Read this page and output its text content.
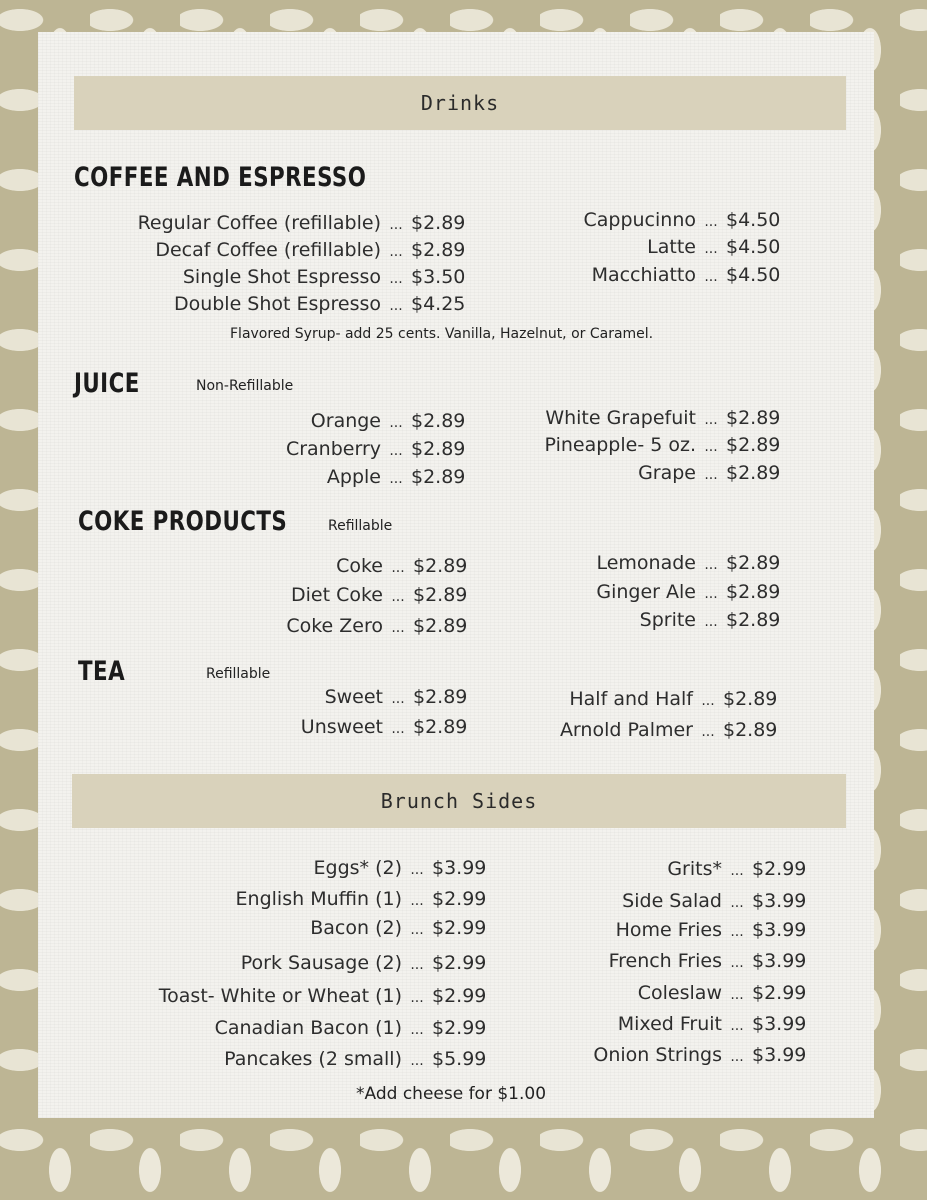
Drinks
COFFEE AND ESPRESSO
Regular Coffee (refillable) ... $2.89
Decaf Coffee (refillable) ... $2.89
Single Shot Espresso ... $3.50
Double Shot Espresso ... $4.25
Cappucinno ... $4.50
Latte ... $4.50
Macchiatto ... $4.50
Flavored Syrup- add 25 cents. Vanilla, Hazelnut, or Caramel.
JUICE	Non-Refillable
Orange ... $2.89
Cranberry ... $2.89
Apple ... $2.89
White Grapefuit ... $2.89
Pineapple- 5 oz. ... $2.89
Grape ... $2.89
COKE PRODUCTS	Refillable
Coke ... $2.89
Diet Coke ... $2.89
Coke Zero ... $2.89
Lemonade ... $2.89
Ginger Ale ... $2.89
Sprite ... $2.89
TEA	Refillable
Sweet ... $2.89
Unsweet ... $2.89
Half and Half ... $2.89
Arnold Palmer ... $2.89
Brunch Sides
Eggs* (2) ... $3.99
English Muffin (1) ... $2.99
Bacon (2) ... $2.99
Pork Sausage (2) ... $2.99
Toast- White or Wheat (1) ... $2.99
Canadian Bacon (1) ... $2.99
Pancakes (2 small) ... $5.99
Grits* ... $2.99
Side Salad ... $3.99
Home Fries ... $3.99
French Fries ... $3.99
Coleslaw ... $2.99
Mixed Fruit ... $3.99
Onion Strings ... $3.99
*Add cheese for $1.00
